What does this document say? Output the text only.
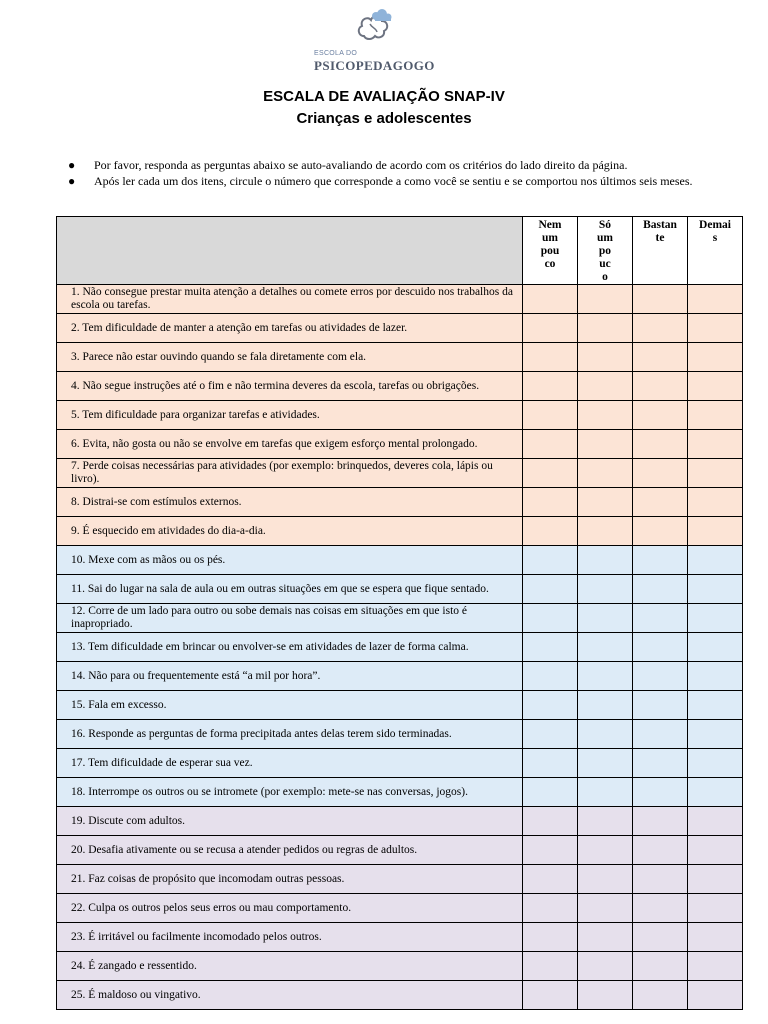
ESCOLA DO
PSICOPEDAGOGO
ESCALA DE AVALIAÇÃO SNAP-IV
Crianças e adolescentes
● Por favor, responda as perguntas abaixo se auto-avaliando de acordo com os critérios do lado direito da página.
● Após ler cada um dos itens, circule o número que corresponde a como você se sentiu e se comportou nos últimos seis meses.
	Nem
um
pou
co	Só
um
po
uc
o	Bastan
te	Demai
s

1. Não consegue prestar muita atenção a detalhes ou comete erros por descuido nos trabalhos da escola ou tarefas.				

2. Tem dificuldade de manter a atenção em tarefas ou atividades de lazer.				

3. Parece não estar ouvindo quando se fala diretamente com ela.				

4. Não segue instruções até o fim e não termina deveres da escola, tarefas ou obrigações.				

5. Tem dificuldade para organizar tarefas e atividades.				

6. Evita, não gosta ou não se envolve em tarefas que exigem esforço mental prolongado.				

7. Perde coisas necessárias para atividades (por exemplo: brinquedos, deveres cola, lápis ou livro).				

8. Distrai-se com estímulos externos.				

9. É esquecido em atividades do dia-a-dia.				

10. Mexe com as mãos ou os pés.				

11. Sai do lugar na sala de aula ou em outras situações em que se espera que fique sentado.				

12. Corre de um lado para outro ou sobe demais nas coisas em situações em que isto é inapropriado.				

13. Tem dificuldade em brincar ou envolver-se em atividades de lazer de forma calma.				

14. Não para ou frequentemente está “a mil por hora”.				

15. Fala em excesso.				

16. Responde as perguntas de forma precipitada antes delas terem sido terminadas.				

17. Tem dificuldade de esperar sua vez.				

18. Interrompe os outros ou se intromete (por exemplo: mete-se nas conversas, jogos).				

19. Discute com adultos.				

20. Desafia ativamente ou se recusa a atender pedidos ou regras de adultos.				

21. Faz coisas de propósito que incomodam outras pessoas.				

22. Culpa os outros pelos seus erros ou mau comportamento.				

23. É irritável ou facilmente incomodado pelos outros.				

24. É zangado e ressentido.				

25. É maldoso ou vingativo.				
